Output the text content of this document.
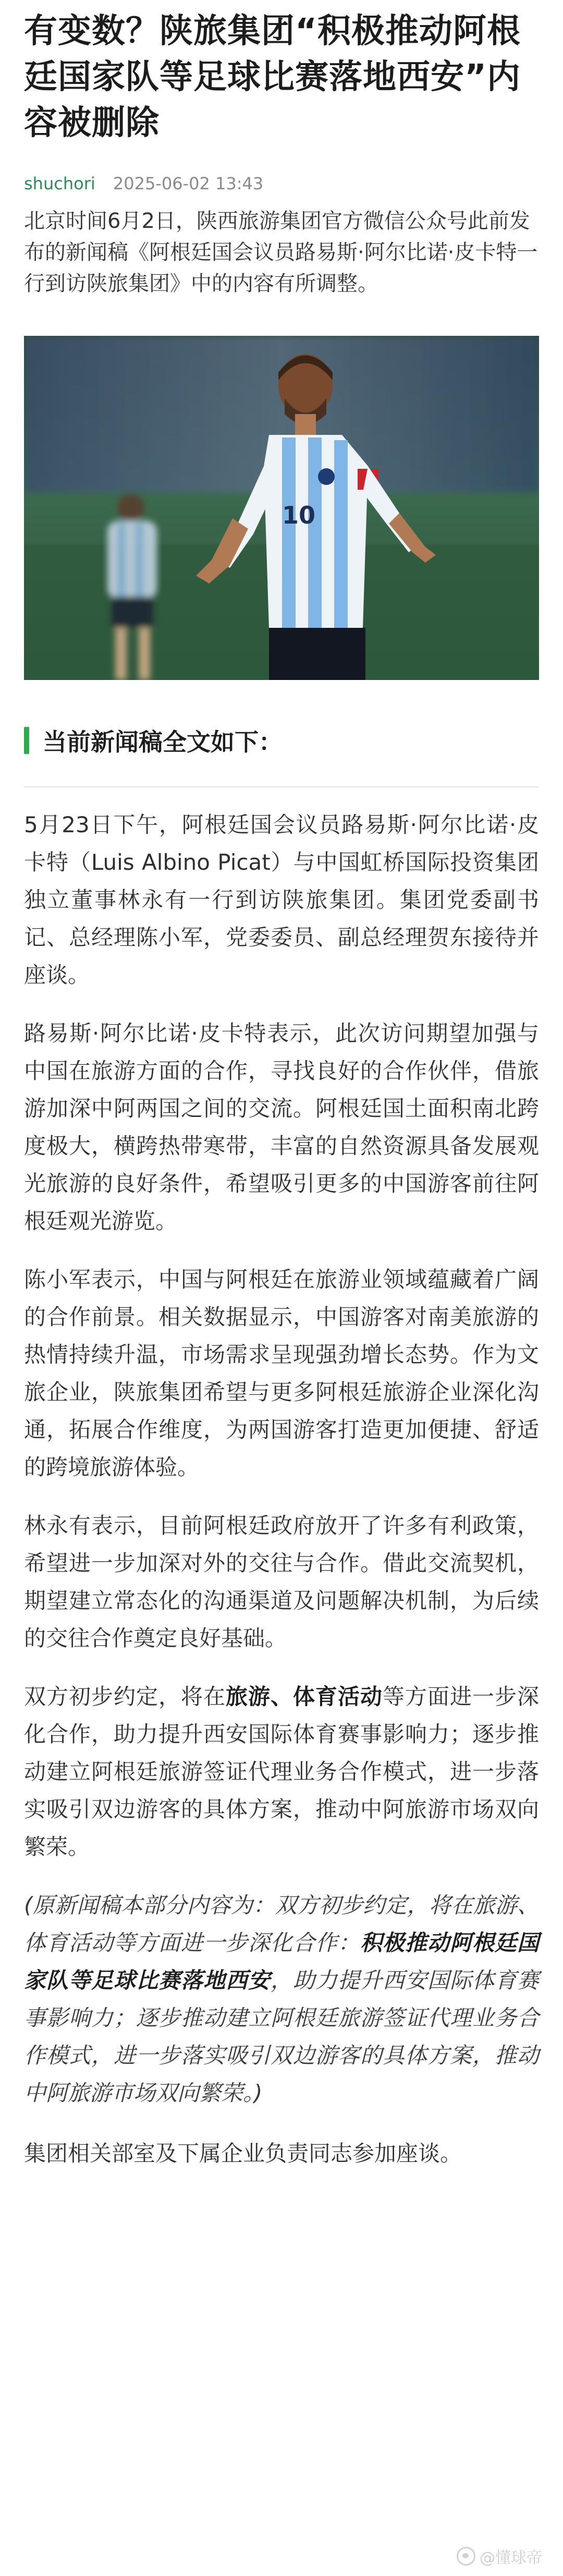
有变数？陕旅集团“积极推动阿根廷国家队等足球比赛落地西安”内容被删除
shuchori 2025-06-02 13:43

北京时间6月2日，陕西旅游集团官方微信公众号此前发布的新闻稿《阿根廷国会议员路易斯·阿尔比诺·皮卡特一行到访陕旅集团》中的内容有所调整。

10
当前新闻稿全文如下：

5月23日下午，阿根廷国会议员路易斯·阿尔比诺·皮卡特（Luis Albino Picat）与中国虹桥国际投资集团独立董事林永有一行到访陕旅集团。集团党委副书记、总经理陈小军，党委委员、副总经理贺东接待并座谈。

路易斯·阿尔比诺·皮卡特表示，此次访问期望加强与中国在旅游方面的合作，寻找良好的合作伙伴，借旅游加深中阿两国之间的交流。阿根廷国土面积南北跨度极大，横跨热带寒带，丰富的自然资源具备发展观光旅游的良好条件，希望吸引更多的中国游客前往阿根廷观光游览。

陈小军表示，中国与阿根廷在旅游业领域蕴藏着广阔的合作前景。相关数据显示，中国游客对南美旅游的热情持续升温，市场需求呈现强劲增长态势。作为文旅企业，陕旅集团希望与更多阿根廷旅游企业深化沟通，拓展合作维度，为两国游客打造更加便捷、舒适的跨境旅游体验。

林永有表示，目前阿根廷政府放开了许多有利政策，希望进一步加深对外的交往与合作。借此交流契机，期望建立常态化的沟通渠道及问题解决机制，为后续的交往合作奠定良好基础。

双方初步约定，将在旅游、体育活动等方面进一步深化合作，助力提升西安国际体育赛事影响力；逐步推动建立阿根廷旅游签证代理业务合作模式，进一步落实吸引双边游客的具体方案，推动中阿旅游市场双向繁荣。

(原新闻稿本部分内容为：双方初步约定，将在旅游、体育活动等方面进一步深化合作：积极推动阿根廷国家队等足球比赛落地西安，助力提升西安国际体育赛事影响力；逐步推动建立阿根廷旅游签证代理业务合作模式，进一步落实吸引双边游客的具体方案，推动中阿旅游市场双向繁荣。)

集团相关部室及下属企业负责同志参加座谈。

@懂球帝
